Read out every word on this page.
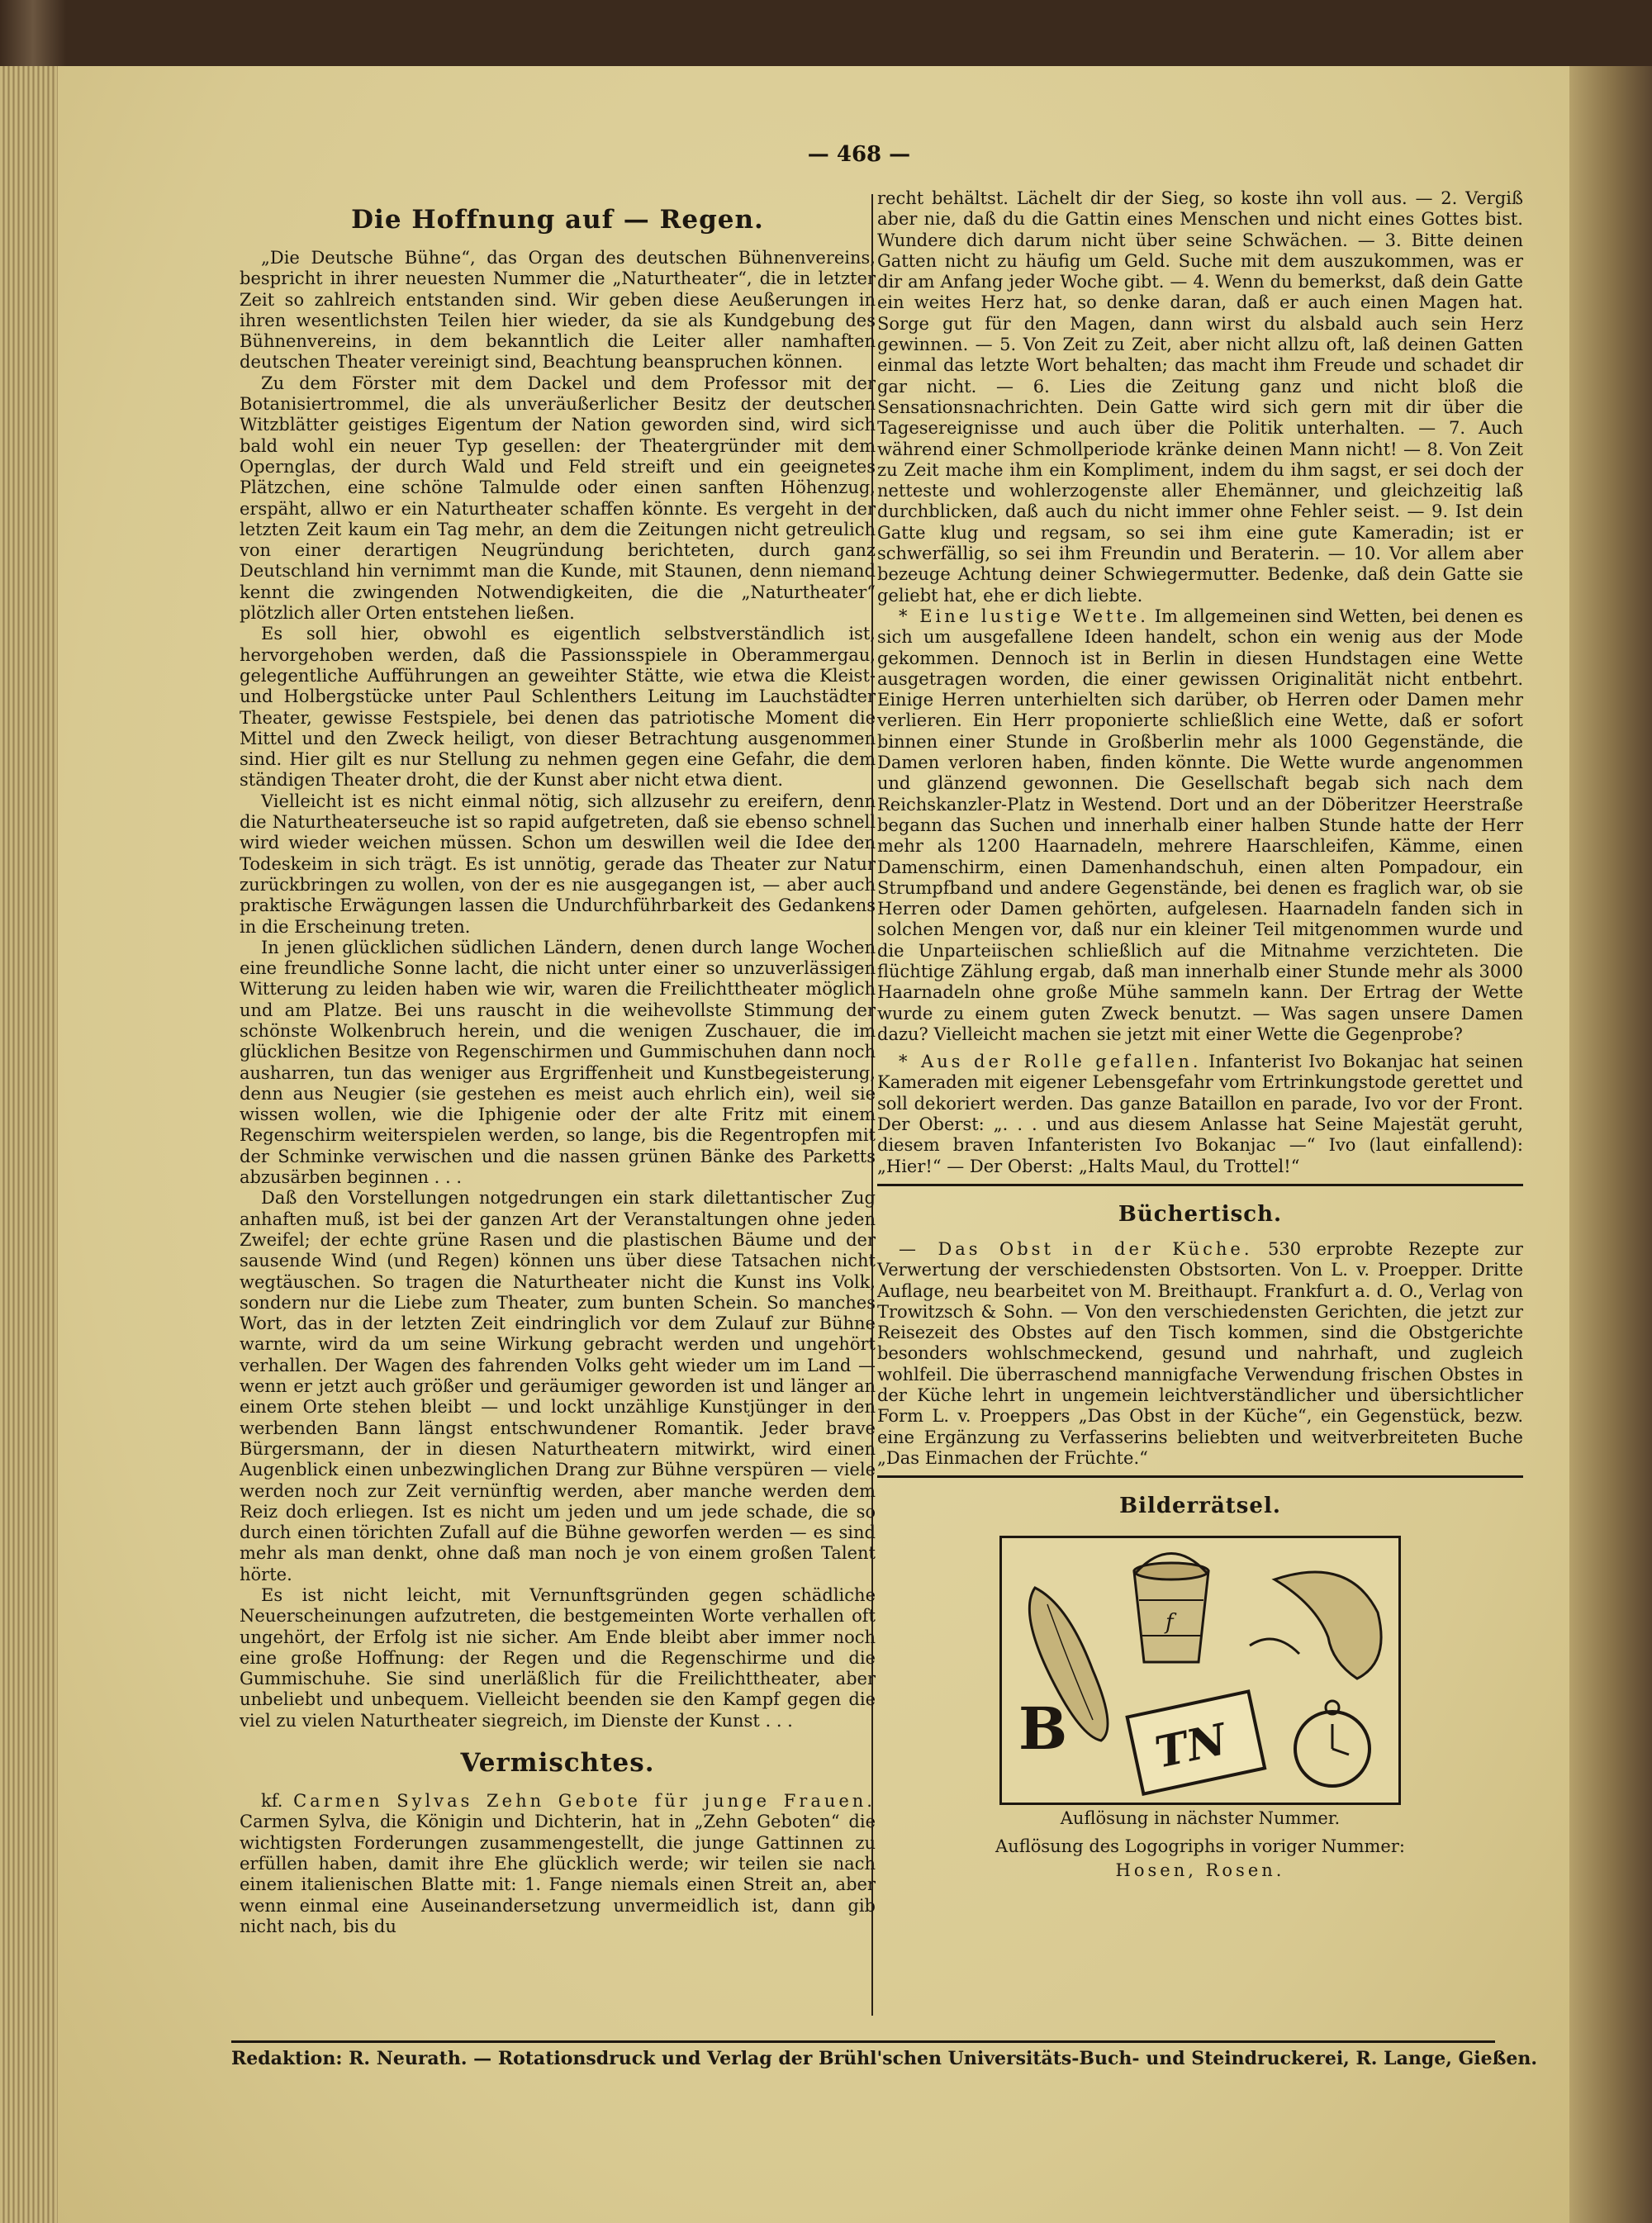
— 468 —
Die Hoffnung auf — Regen.

„Die Deutsche Bühne“, das Organ des deutschen Bühnenvereins, bespricht in ihrer neuesten Nummer die „Naturtheater“, die in letzter Zeit so zahlreich entstanden sind. Wir geben diese Aeußerungen in ihren wesentlichsten Teilen hier wieder, da sie als Kundgebung des Bühnenvereins, in dem bekanntlich die Leiter aller namhaften deutschen Theater vereinigt sind, Beachtung beanspruchen können.

Zu dem Förster mit dem Dackel und dem Professor mit der Botanisiertrommel, die als unveräußerlicher Besitz der deutschen Witzblätter geistiges Eigentum der Nation geworden sind, wird sich bald wohl ein neuer Typ gesellen: der Theatergründer mit dem Opernglas, der durch Wald und Feld streift und ein geeignetes Plätzchen, eine schöne Talmulde oder einen sanften Höhenzug, erspäht, allwo er ein Naturtheater schaffen könnte. Es vergeht in der letzten Zeit kaum ein Tag mehr, an dem die Zeitungen nicht getreulich von einer derartigen Neugründung berichteten, durch ganz Deutschland hin vernimmt man die Kunde, mit Staunen, denn niemand kennt die zwingenden Notwendigkeiten, die die „Naturtheater“ plötzlich aller Orten entstehen ließen.

Es soll hier, obwohl es eigentlich selbstverständlich ist, hervorgehoben werden, daß die Passionsspiele in Oberammergau, gelegentliche Aufführungen an geweihter Stätte, wie etwa die Kleist- und Holbergstücke unter Paul Schlenthers Leitung im Lauchstädter Theater, gewisse Festspiele, bei denen das patriotische Moment die Mittel und den Zweck heiligt, von dieser Betrachtung ausgenommen sind. Hier gilt es nur Stellung zu nehmen gegen eine Gefahr, die dem ständigen Theater droht, die der Kunst aber nicht etwa dient.

Vielleicht ist es nicht einmal nötig, sich allzusehr zu ereifern, denn die Naturtheaterseuche ist so rapid aufgetreten, daß sie ebenso schnell wird wieder weichen müssen. Schon um deswillen weil die Idee den Todeskeim in sich trägt. Es ist unnötig, gerade das Theater zur Natur zurückbringen zu wollen, von der es nie ausgegangen ist, — aber auch praktische Erwägungen lassen die Undurchführbarkeit des Gedankens in die Erscheinung treten.

In jenen glücklichen südlichen Ländern, denen durch lange Wochen eine freundliche Sonne lacht, die nicht unter einer so unzuverlässigen Witterung zu leiden haben wie wir, waren die Freilichttheater möglich und am Platze. Bei uns rauscht in die weihevollste Stimmung der schönste Wolkenbruch herein, und die wenigen Zuschauer, die im glücklichen Besitze von Regenschirmen und Gummischuhen dann noch ausharren, tun das weniger aus Ergriffenheit und Kunstbegeisterung, denn aus Neugier (sie gestehen es meist auch ehrlich ein), weil sie wissen wollen, wie die Iphigenie oder der alte Fritz mit einem Regenschirm weiterspielen werden, so lange, bis die Regentropfen mit der Schminke verwischen und die nassen grünen Bänke des Parketts abzusärben beginnen . . .

Daß den Vorstellungen notgedrungen ein stark dilettantischer Zug anhaften muß, ist bei der ganzen Art der Veranstaltungen ohne jeden Zweifel; der echte grüne Rasen und die plastischen Bäume und der sausende Wind (und Regen) können uns über diese Tatsachen nicht wegtäuschen. So tragen die Naturtheater nicht die Kunst ins Volk, sondern nur die Liebe zum Theater, zum bunten Schein. So manches Wort, das in der letzten Zeit eindringlich vor dem Zulauf zur Bühne warnte, wird da um seine Wirkung gebracht werden und ungehört verhallen. Der Wagen des fahrenden Volks geht wieder um im Land — wenn er jetzt auch größer und geräumiger geworden ist und länger an einem Orte stehen bleibt — und lockt unzählige Kunstjünger in den werbenden Bann längst entschwundener Romantik. Jeder brave Bürgersmann, der in diesen Naturtheatern mitwirkt, wird einen Augenblick einen unbezwinglichen Drang zur Bühne verspüren — viele werden noch zur Zeit vernünftig werden, aber manche werden dem Reiz doch erliegen. Ist es nicht um jeden und um jede schade, die so durch einen törichten Zufall auf die Bühne geworfen werden — es sind mehr als man denkt, ohne daß man noch je von einem großen Talent hörte.

Es ist nicht leicht, mit Vernunftsgründen gegen schädliche Neuerscheinungen aufzutreten, die bestgemeinten Worte verhallen oft ungehört, der Erfolg ist nie sicher. Am Ende bleibt aber immer noch eine große Hoffnung: der Regen und die Regenschirme und die Gummischuhe. Sie sind unerläßlich für die Freilichttheater, aber unbeliebt und unbequem. Vielleicht beenden sie den Kampf gegen die viel zu vielen Naturtheater siegreich, im Dienste der Kunst . . .

Vermischtes.

kf. Carmen Sylvas Zehn Gebote für junge Frauen. Carmen Sylva, die Königin und Dichterin, hat in „Zehn Geboten“ die wichtigsten Forderungen zusammengestellt, die junge Gattinnen zu erfüllen haben, damit ihre Ehe glücklich werde; wir teilen sie nach einem italienischen Blatte mit: 1. Fange niemals einen Streit an, aber wenn einmal eine Auseinandersetzung unvermeidlich ist, dann gib nicht nach, bis du

recht behältst. Lächelt dir der Sieg, so koste ihn voll aus. — 2. Vergiß aber nie, daß du die Gattin eines Menschen und nicht eines Gottes bist. Wundere dich darum nicht über seine Schwächen. — 3. Bitte deinen Gatten nicht zu häufig um Geld. Suche mit dem auszukommen, was er dir am Anfang jeder Woche gibt. — 4. Wenn du bemerkst, daß dein Gatte ein weites Herz hat, so denke daran, daß er auch einen Magen hat. Sorge gut für den Magen, dann wirst du alsbald auch sein Herz gewinnen. — 5. Von Zeit zu Zeit, aber nicht allzu oft, laß deinen Gatten einmal das letzte Wort behalten; das macht ihm Freude und schadet dir gar nicht. — 6. Lies die Zeitung ganz und nicht bloß die Sensationsnachrichten. Dein Gatte wird sich gern mit dir über die Tagesereignisse und auch über die Politik unterhalten. — 7. Auch während einer Schmollperiode kränke deinen Mann nicht! — 8. Von Zeit zu Zeit mache ihm ein Kompliment, indem du ihm sagst, er sei doch der netteste und wohlerzogenste aller Ehemänner, und gleichzeitig laß durchblicken, daß auch du nicht immer ohne Fehler seist. — 9. Ist dein Gatte klug und regsam, so sei ihm eine gute Kameradin; ist er schwerfällig, so sei ihm Freundin und Beraterin. — 10. Vor allem aber bezeuge Achtung deiner Schwiegermutter. Bedenke, daß dein Gatte sie geliebt hat, ehe er dich liebte.

* Eine lustige Wette. Im allgemeinen sind Wetten, bei denen es sich um ausgefallene Ideen handelt, schon ein wenig aus der Mode gekommen. Dennoch ist in Berlin in diesen Hundstagen eine Wette ausgetragen worden, die einer gewissen Originalität nicht entbehrt. Einige Herren unterhielten sich darüber, ob Herren oder Damen mehr verlieren. Ein Herr proponierte schließlich eine Wette, daß er sofort binnen einer Stunde in Großberlin mehr als 1000 Gegenstände, die Damen verloren haben, finden könnte. Die Wette wurde angenommen und glänzend gewonnen. Die Gesellschaft begab sich nach dem Reichskanzler-Platz in Westend. Dort und an der Döberitzer Heerstraße begann das Suchen und innerhalb einer halben Stunde hatte der Herr mehr als 1200 Haarnadeln, mehrere Haarschleifen, Kämme, einen Damenschirm, einen Damenhandschuh, einen alten Pompadour, ein Strumpfband und andere Gegenstände, bei denen es fraglich war, ob sie Herren oder Damen gehörten, aufgelesen. Haarnadeln fanden sich in solchen Mengen vor, daß nur ein kleiner Teil mitgenommen wurde und die Unparteiischen schließlich auf die Mitnahme verzichteten. Die flüchtige Zählung ergab, daß man innerhalb einer Stunde mehr als 3000 Haarnadeln ohne große Mühe sammeln kann. Der Ertrag der Wette wurde zu einem guten Zweck benutzt. — Was sagen unsere Damen dazu? Vielleicht machen sie jetzt mit einer Wette die Gegenprobe?

* Aus der Rolle gefallen. Infanterist Ivo Bokanjac hat seinen Kameraden mit eigener Lebensgefahr vom Ertrinkungstode gerettet und soll dekoriert werden. Das ganze Bataillon en parade, Ivo vor der Front. Der Oberst: „. . . und aus diesem Anlasse hat Seine Majestät geruht, diesem braven Infanteristen Ivo Bokanjac —“ Ivo (laut einfallend): „Hier!“ — Der Oberst: „Halts Maul, du Trottel!“

Büchertisch.

— Das Obst in der Küche. 530 erprobte Rezepte zur Verwertung der verschiedensten Obstsorten. Von L. v. Proepper. Dritte Auflage, neu bearbeitet von M. Breithaupt. Frankfurt a. d. O., Verlag von Trowitzsch & Sohn. — Von den verschiedensten Gerichten, die jetzt zur Reisezeit des Obstes auf den Tisch kommen, sind die Obstgerichte besonders wohlschmeckend, gesund und nahrhaft, und zugleich wohlfeil. Die überraschend mannigfache Verwendung frischen Obstes in der Küche lehrt in ungemein leichtverständlicher und übersichtlicher Form L. v. Proeppers „Das Obst in der Küche“, ein Gegenstück, bezw. eine Ergänzung zu Verfasserins beliebten und weitverbreiteten Buche „Das Einmachen der Früchte.“

Bilderrätsel.
f
B TN
Auflösung in nächster Nummer.
Auflösung des Logogriphs in voriger Nummer:
Hosen, Rosen.
Redaktion: R. Neurath. — Rotationsdruck und Verlag der Brühl'schen Universitäts-Buch- und Steindruckerei, R. Lange, Gießen.
